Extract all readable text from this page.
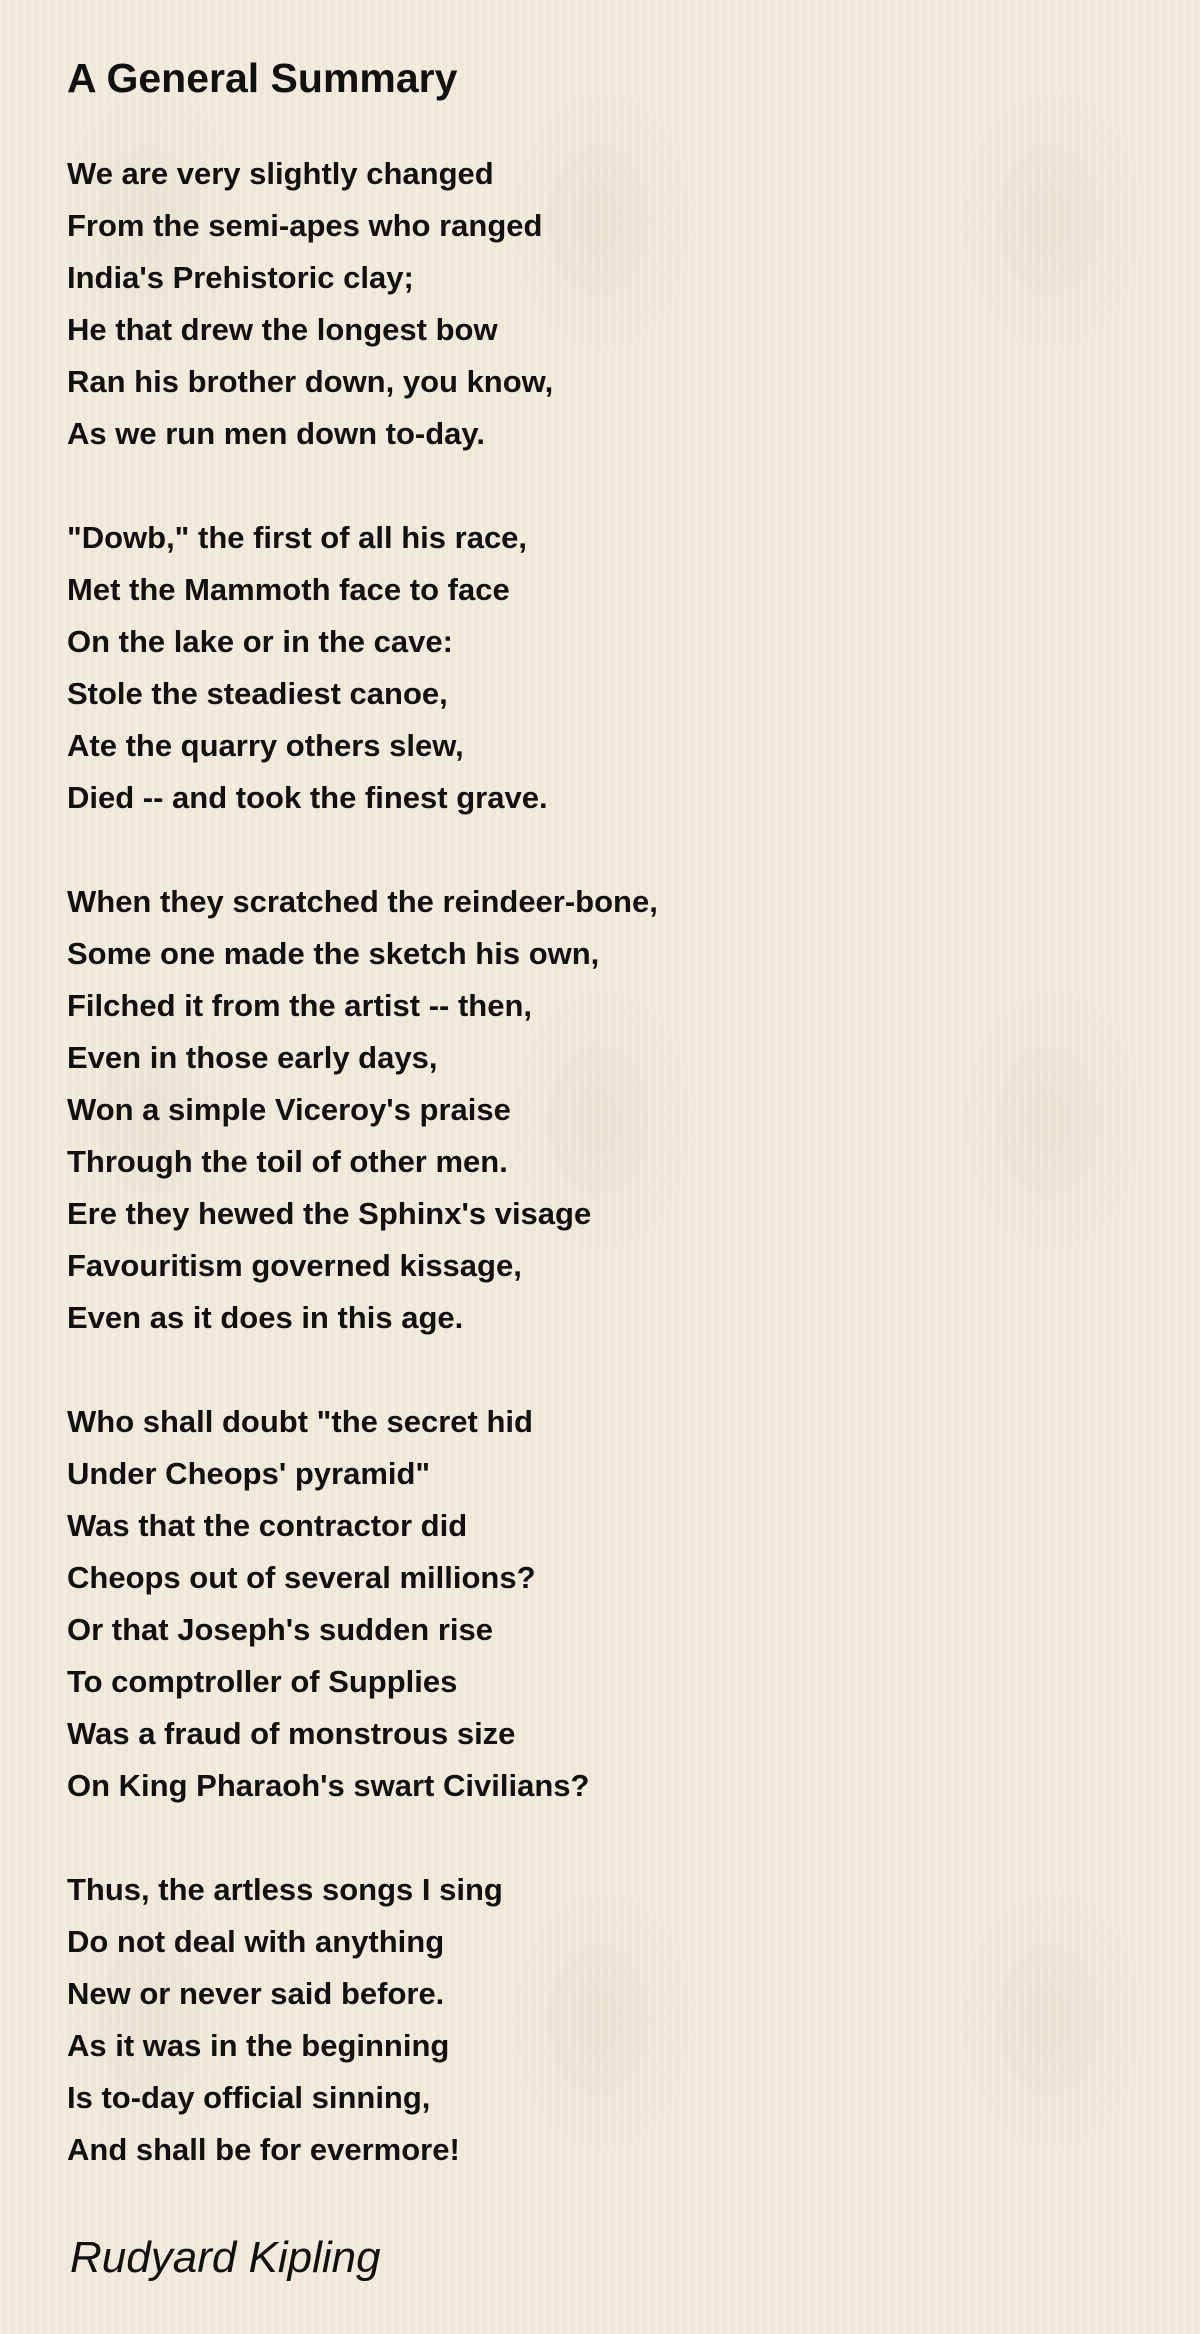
A General Summary
We are very slightly changed
From the semi-apes who ranged
India's Prehistoric clay;
He that drew the longest bow
Ran his brother down, you know,
As we run men down to-day.
"Dowb," the first of all his race,
Met the Mammoth face to face
On the lake or in the cave:
Stole the steadiest canoe,
Ate the quarry others slew,
Died -- and took the finest grave.
When they scratched the reindeer-bone,
Some one made the sketch his own,
Filched it from the artist -- then,
Even in those early days,
Won a simple Viceroy's praise
Through the toil of other men.
Ere they hewed the Sphinx's visage
Favouritism governed kissage,
Even as it does in this age.
Who shall doubt "the secret hid
Under Cheops' pyramid"
Was that the contractor did
Cheops out of several millions?
Or that Joseph's sudden rise
To comptroller of Supplies
Was a fraud of monstrous size
On King Pharaoh's swart Civilians?
Thus, the artless songs I sing
Do not deal with anything
New or never said before.
As it was in the beginning
Is to-day official sinning,
And shall be for evermore!
Rudyard Kipling
